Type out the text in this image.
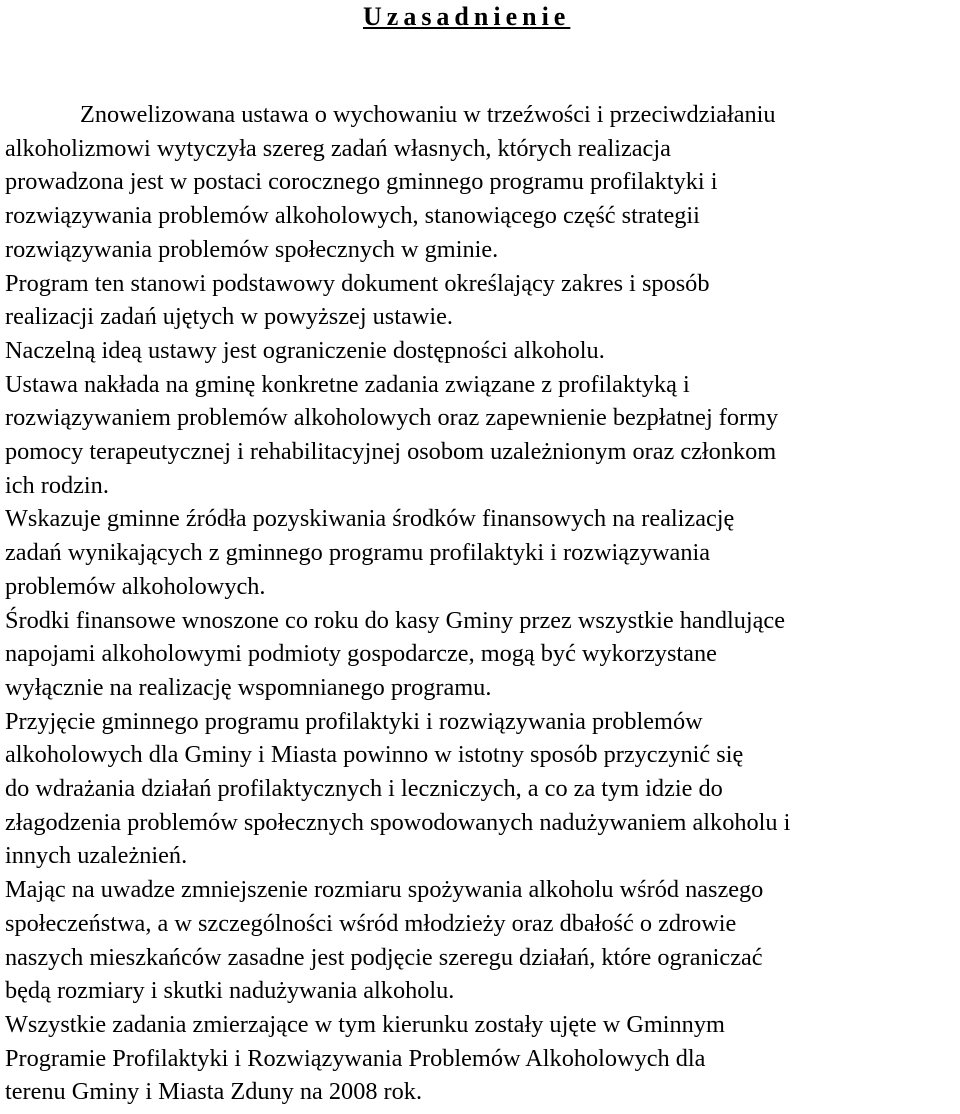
Uzasadnienie
Znowelizowana ustawa o wychowaniu w trzeźwości i przeciwdziałaniu
alkoholizmowi wytyczyła szereg zadań własnych, których realizacja
prowadzona jest w postaci corocznego gminnego programu profilaktyki i
rozwiązywania problemów alkoholowych, stanowiącego część strategii
rozwiązywania problemów społecznych w gminie.
Program ten stanowi podstawowy dokument określający zakres i sposób
realizacji zadań ujętych w powyższej ustawie.
Naczelną ideą ustawy jest ograniczenie dostępności alkoholu.
Ustawa nakłada na gminę konkretne zadania związane z profilaktyką i
rozwiązywaniem problemów alkoholowych oraz zapewnienie bezpłatnej formy
pomocy terapeutycznej i rehabilitacyjnej osobom uzależnionym oraz członkom
ich rodzin.
Wskazuje gminne źródła pozyskiwania środków finansowych na realizację
zadań wynikających z gminnego programu profilaktyki i rozwiązywania
problemów alkoholowych.
Środki finansowe wnoszone co roku do kasy Gminy przez wszystkie handlujące
napojami alkoholowymi podmioty gospodarcze, mogą być wykorzystane
wyłącznie na realizację wspomnianego programu.
Przyjęcie gminnego programu profilaktyki i rozwiązywania problemów
alkoholowych dla Gminy i Miasta powinno w istotny sposób przyczynić się
do wdrażania działań profilaktycznych i leczniczych, a co za tym idzie do
złagodzenia problemów społecznych spowodowanych nadużywaniem alkoholu i
innych uzależnień.
Mając na uwadze zmniejszenie rozmiaru spożywania alkoholu wśród naszego
społeczeństwa, a w szczególności wśród młodzieży oraz dbałość o zdrowie
naszych mieszkańców zasadne jest podjęcie szeregu działań, które ograniczać
będą rozmiary i skutki nadużywania alkoholu.
Wszystkie zadania zmierzające w tym kierunku zostały ujęte w Gminnym
Programie Profilaktyki i Rozwiązywania Problemów Alkoholowych dla
terenu Gminy i Miasta Zduny na 2008 rok.
